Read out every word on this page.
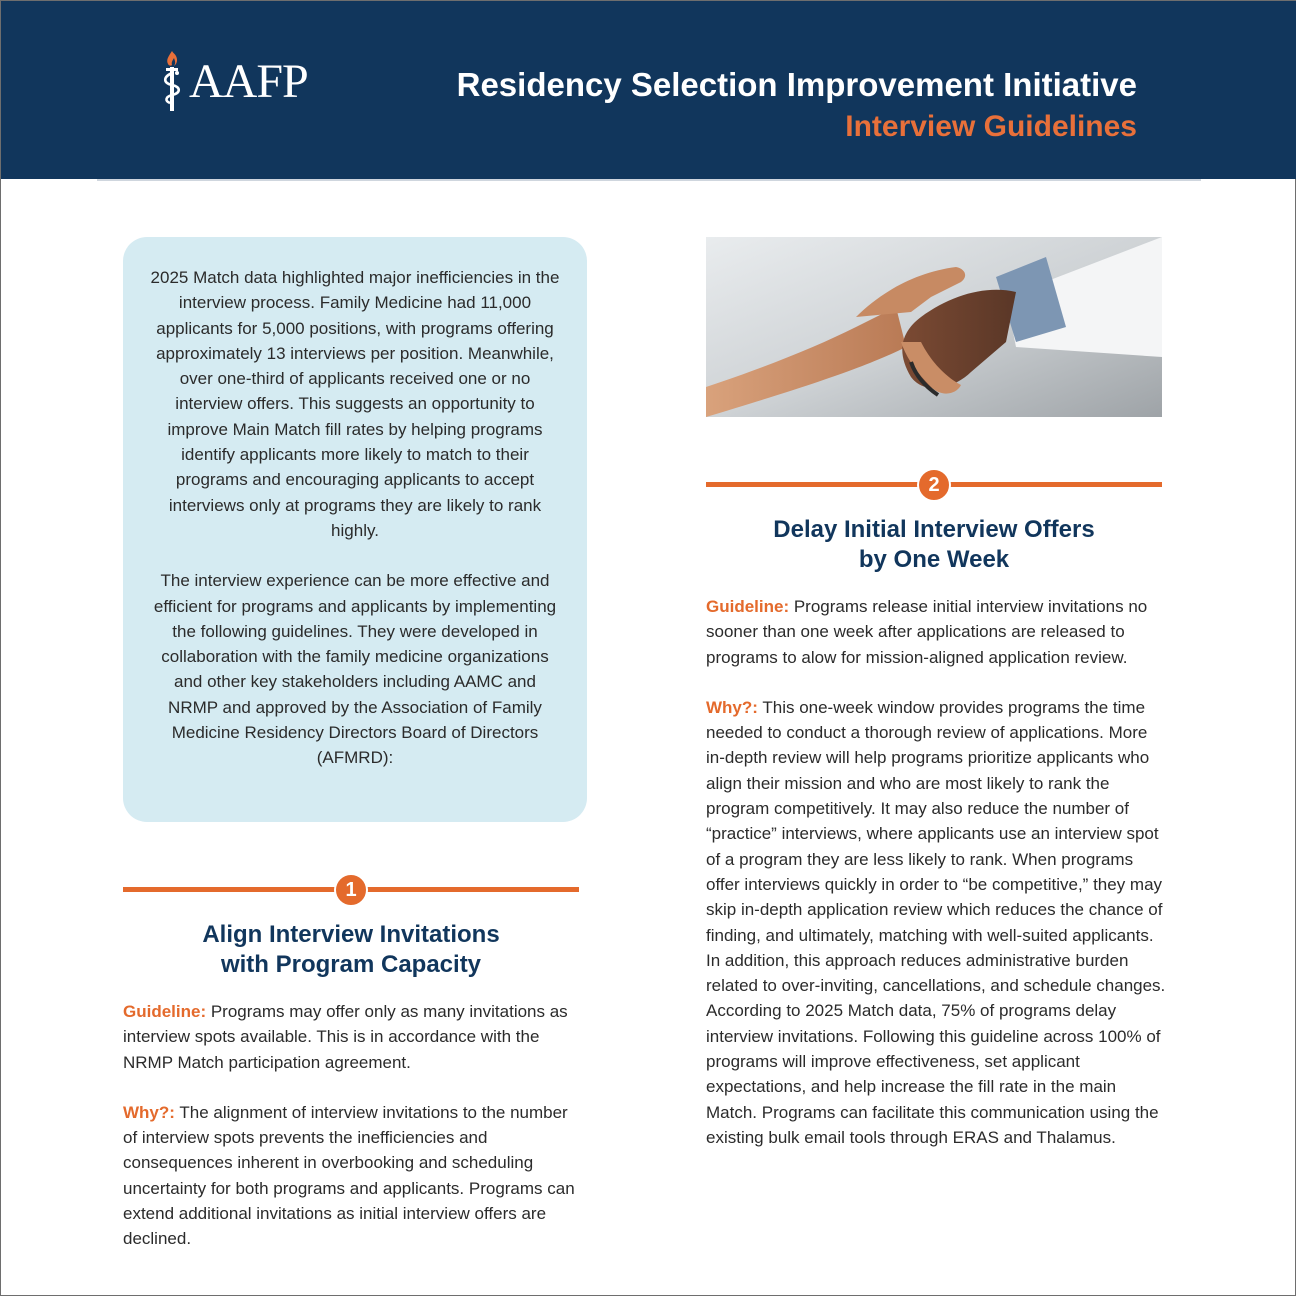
AAFP	Residency Selection Improvement Initiative
Interview Guidelines

2025 Match data highlighted major inefficiencies in the interview process. Family Medicine had 11,000 applicants for 5,000 positions, with programs offering approximately 13 interviews per position. Meanwhile, over one-third of applicants received one or no interview offers. This suggests an opportunity to improve Main Match fill rates by helping programs identify applicants more likely to match to their programs and encouraging applicants to accept interviews only at programs they are likely to rank highly.

The interview experience can be more effective and efficient for programs and applicants by implementing the following guidelines. They were developed in collaboration with the family medicine organizations and other key stakeholders including AAMC and NRMP and approved by the Association of Family Medicine Residency Directors Board of Directors (AFMRD):

1
Align Interview Invitations
with Program Capacity

Guideline: Programs may offer only as many invitations as interview spots available. This is in accordance with the NRMP Match participation agreement.

Why?: The alignment of interview invitations to the number of interview spots prevents the inefficiencies and consequences inherent in overbooking and scheduling uncertainty for both programs and applicants. Programs can extend additional invitations as initial interview offers are declined.

2
Delay Initial Interview Offers
by One Week

Guideline: Programs release initial interview invitations no sooner than one week after applications are released to programs to alow for mission-aligned application review.

Why?: This one-week window provides programs the time needed to conduct a thorough review of applications. More in-depth review will help programs prioritize applicants who align their mission and who are most likely to rank the program competitively. It may also reduce the number of “practice” interviews, where applicants use an interview spot of a program they are less likely to rank. When programs offer interviews quickly in order to “be competitive,” they may skip in-depth application review which reduces the chance of finding, and ultimately, matching with well-suited applicants. In addition, this approach reduces administrative burden related to over-inviting, cancellations, and schedule changes. According to 2025 Match data, 75% of programs delay interview invitations. Following this guideline across 100% of programs will improve effectiveness, set applicant expectations, and help increase the fill rate in the main Match. Programs can facilitate this communication using the existing bulk email tools through ERAS and Thalamus.
